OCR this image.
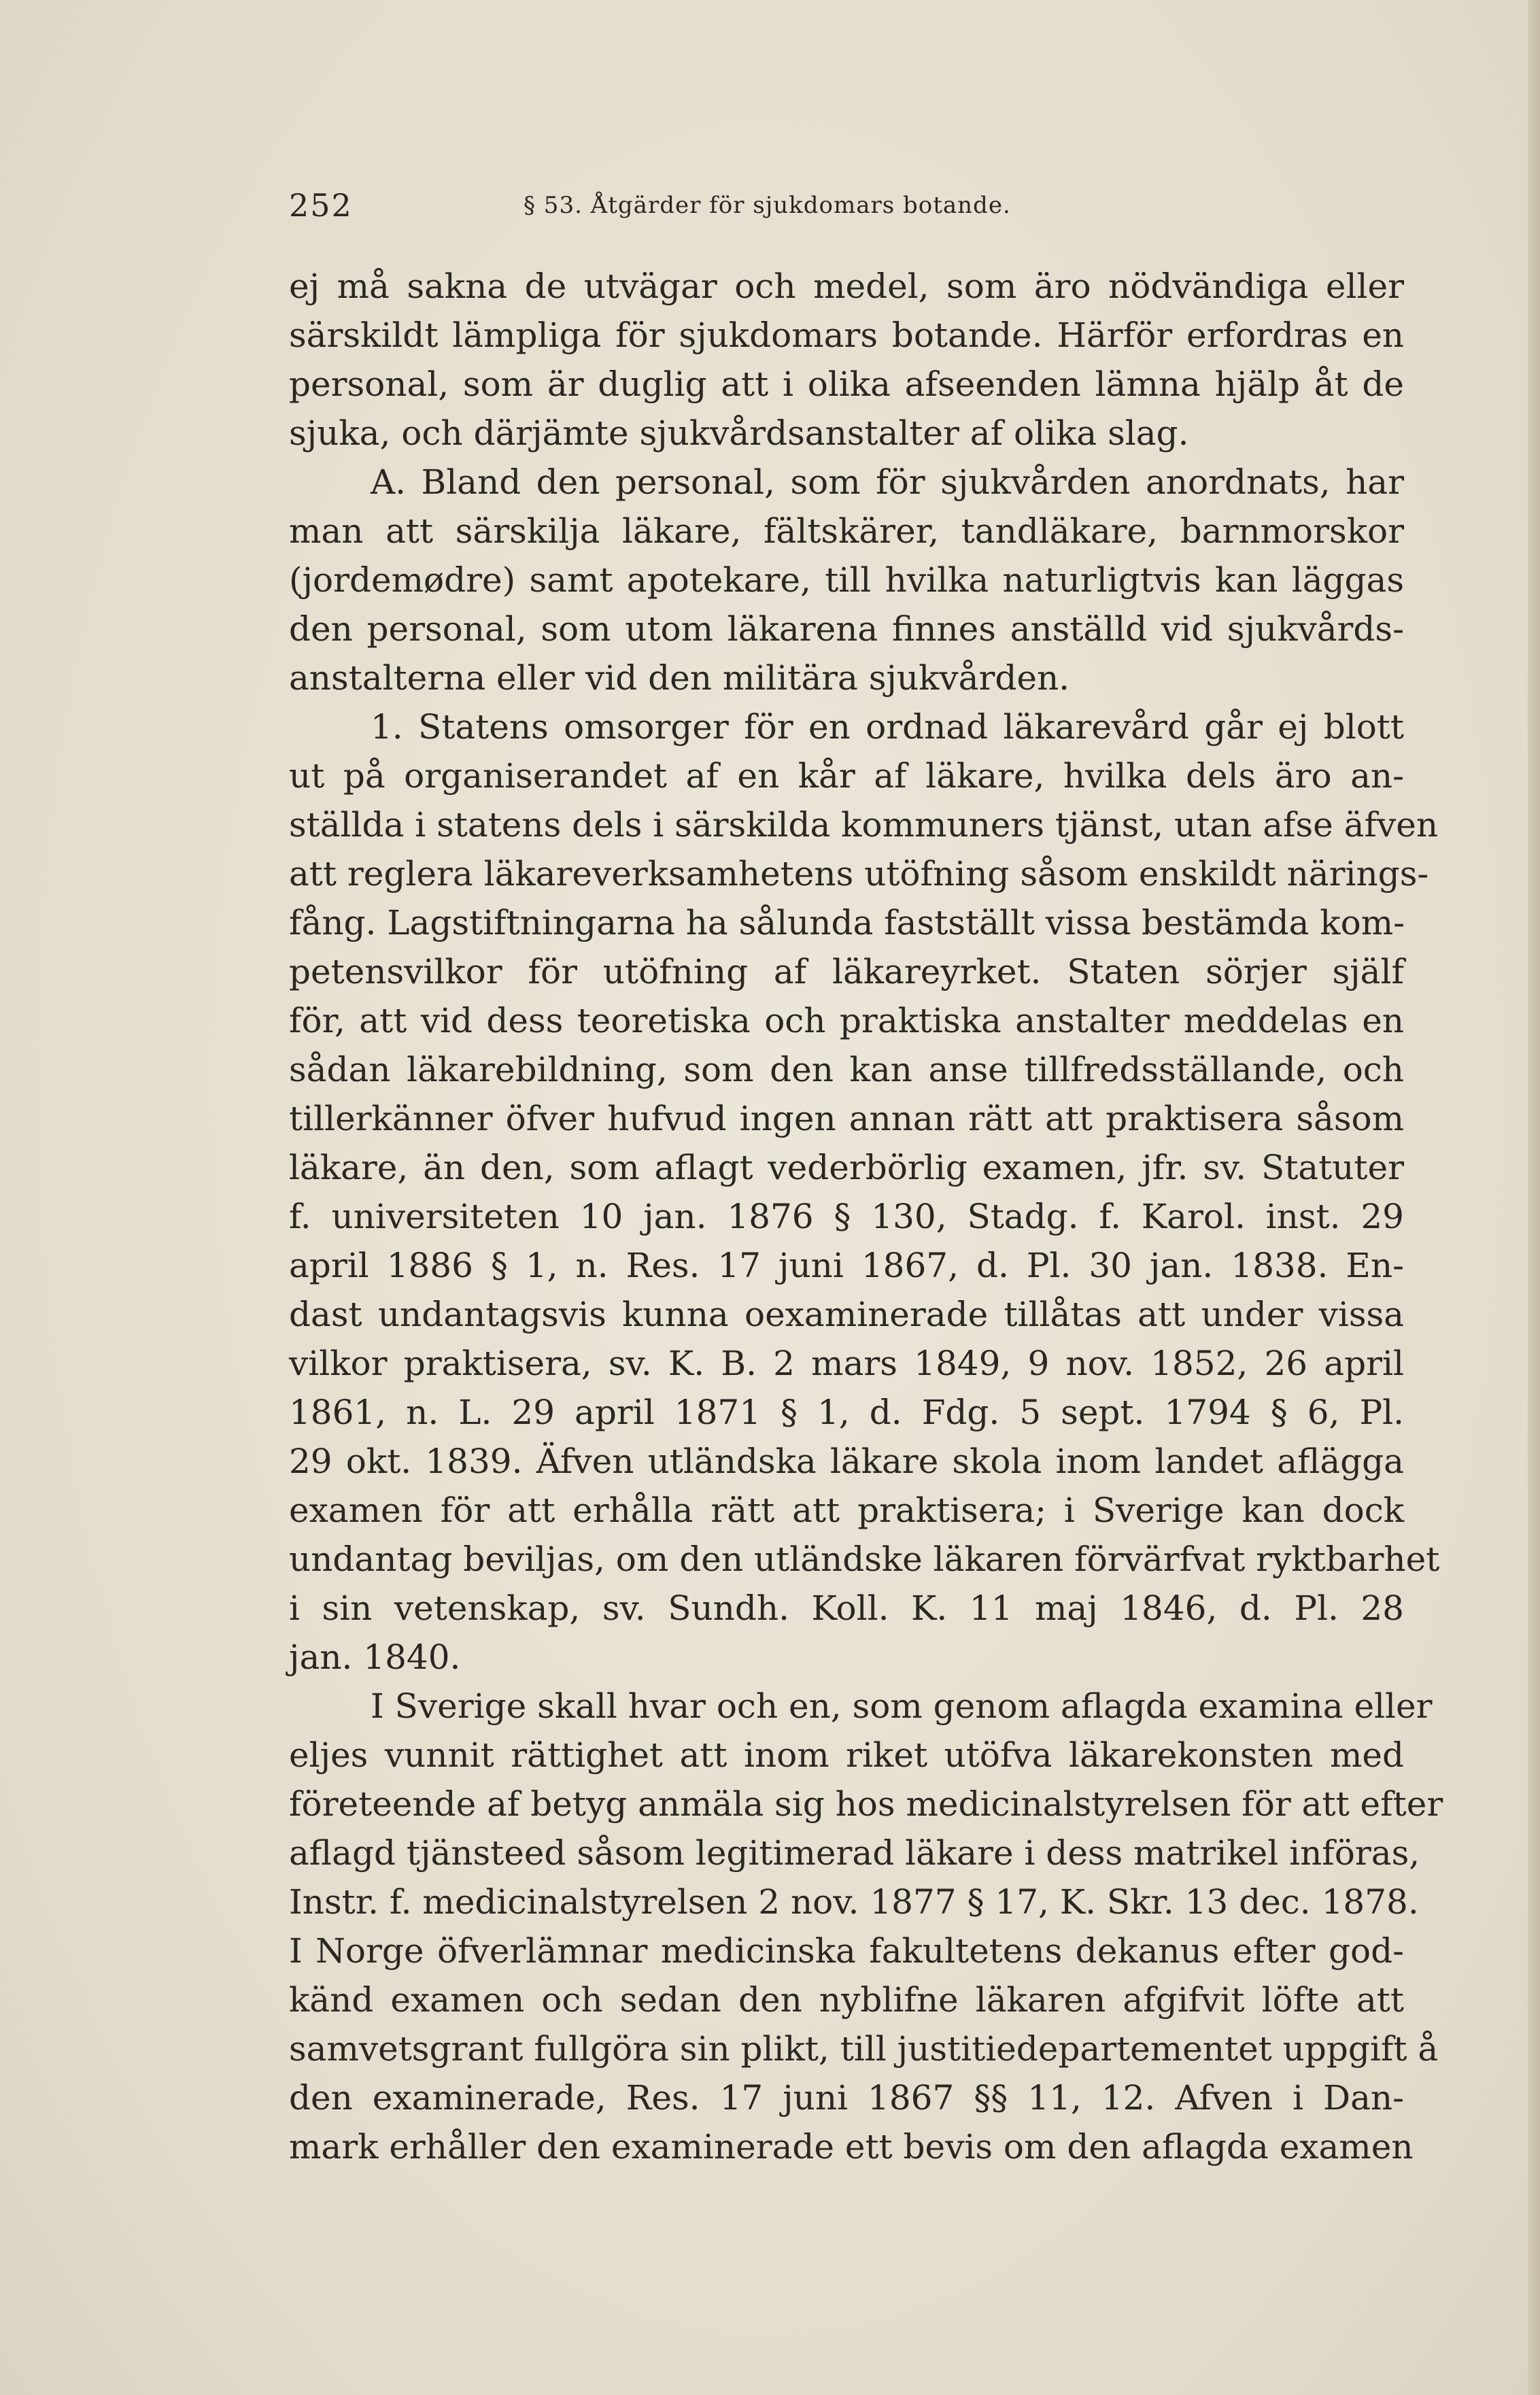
252	§ 53. Åtgärder för sjukdomars botande.
ej må sakna de utvägar och medel, som äro nödvändiga eller
särskildt lämpliga för sjukdomars botande. Härför erfordras en
personal, som är duglig att i olika afseenden lämna hjälp åt de
sjuka, och därjämte sjukvårdsanstalter af olika slag.
A. Bland den personal, som för sjukvården anordnats, har
man att särskilja läkare, fältskärer, tandläkare, barnmorskor
(jordemødre) samt apotekare, till hvilka naturligtvis kan läggas
den personal, som utom läkarena finnes anställd vid sjukvårds-
anstalterna eller vid den militära sjukvården.
1. Statens omsorger för en ordnad läkarevård går ej blott
ut på organiserandet af en kår af läkare, hvilka dels äro an-
ställda i statens dels i särskilda kommuners tjänst, utan afse äfven
att reglera läkareverksamhetens utöfning såsom enskildt närings-
fång. Lagstiftningarna ha sålunda fastställt vissa bestämda kom-
petensvilkor för utöfning af läkareyrket. Staten sörjer själf
för, att vid dess teoretiska och praktiska anstalter meddelas en
sådan läkarebildning, som den kan anse tillfredsställande, och
tillerkänner öfver hufvud ingen annan rätt att praktisera såsom
läkare, än den, som aflagt vederbörlig examen, jfr. sv. Statuter
f. universiteten 10 jan. 1876 § 130, Stadg. f. Karol. inst. 29
april 1886 § 1, n. Res. 17 juni 1867, d. Pl. 30 jan. 1838. En-
dast undantagsvis kunna oexaminerade tillåtas att under vissa
vilkor praktisera, sv. K. B. 2 mars 1849, 9 nov. 1852, 26 april
1861, n. L. 29 april 1871 § 1, d. Fdg. 5 sept. 1794 § 6, Pl.
29 okt. 1839. Äfven utländska läkare skola inom landet aflägga
examen för att erhålla rätt att praktisera; i Sverige kan dock
undantag beviljas, om den utländske läkaren förvärfvat ryktbarhet
i sin vetenskap, sv. Sundh. Koll. K. 11 maj 1846, d. Pl. 28
jan. 1840.
I Sverige skall hvar och en, som genom aflagda examina eller
eljes vunnit rättighet att inom riket utöfva läkarekonsten med
företeende af betyg anmäla sig hos medicinalstyrelsen för att efter
aflagd tjänsteed såsom legitimerad läkare i dess matrikel införas,
Instr. f. medicinalstyrelsen 2 nov. 1877 § 17, K. Skr. 13 dec. 1878.
I Norge öfverlämnar medicinska fakultetens dekanus efter god-
känd examen och sedan den nyblifne läkaren afgifvit löfte att
samvetsgrant fullgöra sin plikt, till justitiedepartementet uppgift å
den examinerade, Res. 17 juni 1867 §§ 11, 12. Afven i Dan-
mark erhåller den examinerade ett bevis om den aflagda examen
